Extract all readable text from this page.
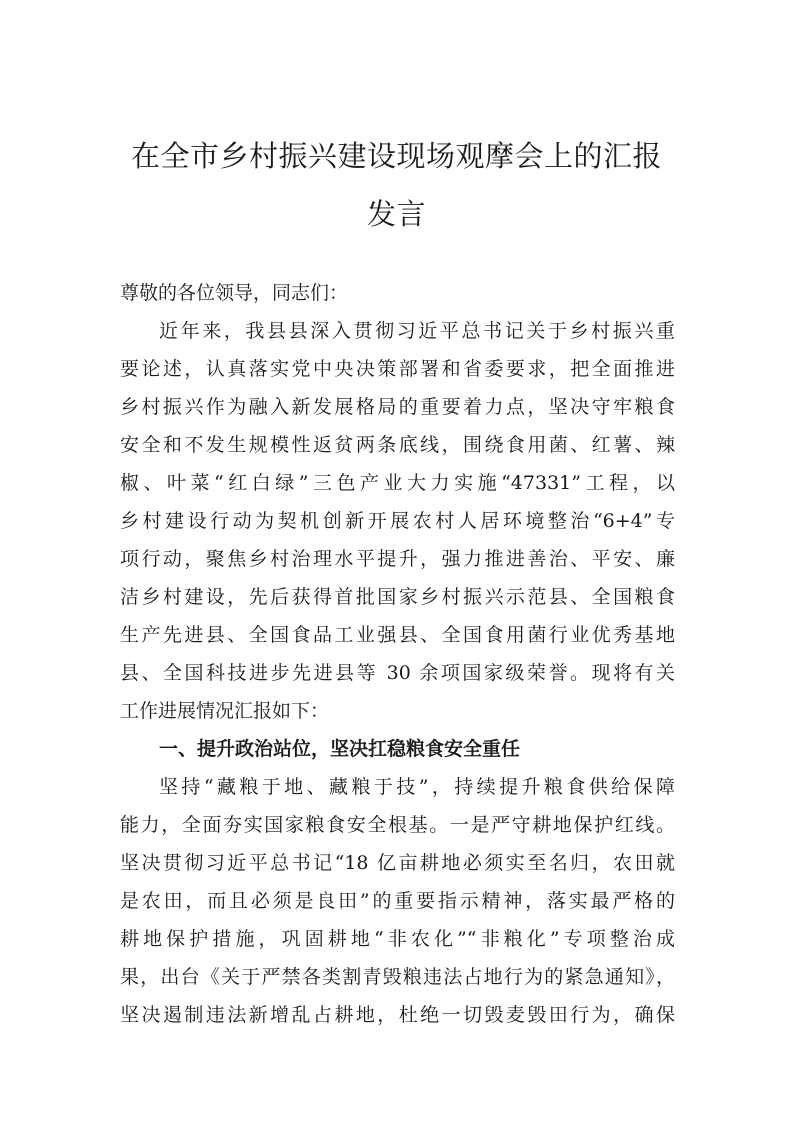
在全市乡村振兴建设现场观摩会上的汇报
发言

尊敬的各位领导，同志们：

近年来，我县县深入贯彻习近平总书记关于乡村振兴重

要论述，认真落实党中央决策部署和省委要求，把全面推进

乡村振兴作为融入新发展格局的重要着力点，坚决守牢粮食

安全和不发生规模性返贫两条底线，围绕食用菌、红薯、辣

椒、叶菜“红白绿”三色产业大力实施“47331”工程，以

乡村建设行动为契机创新开展农村人居环境整治“6+4”专

项行动，聚焦乡村治理水平提升，强力推进善治、平安、廉

洁乡村建设，先后获得首批国家乡村振兴示范县、全国粮食

生产先进县、全国食品工业强县、全国食用菌行业优秀基地

县、全国科技进步先进县等 30 余项国家级荣誉。现将有关

工作进展情况汇报如下：

一、提升政治站位，坚决扛稳粮食安全重任

坚持“藏粮于地、藏粮于技”，持续提升粮食供给保障

能力，全面夯实国家粮食安全根基。一是严守耕地保护红线。

坚决贯彻习近平总书记“18 亿亩耕地必须实至名归，农田就

是农田，而且必须是良田”的重要指示精神，落实最严格的

耕地保护措施，巩固耕地“非农化”“非粮化”专项整治成

果，出台《关于严禁各类割青毁粮违法占地行为的紧急通知》，

坚决遏制违法新增乱占耕地，杜绝一切毁麦毁田行为，确保
